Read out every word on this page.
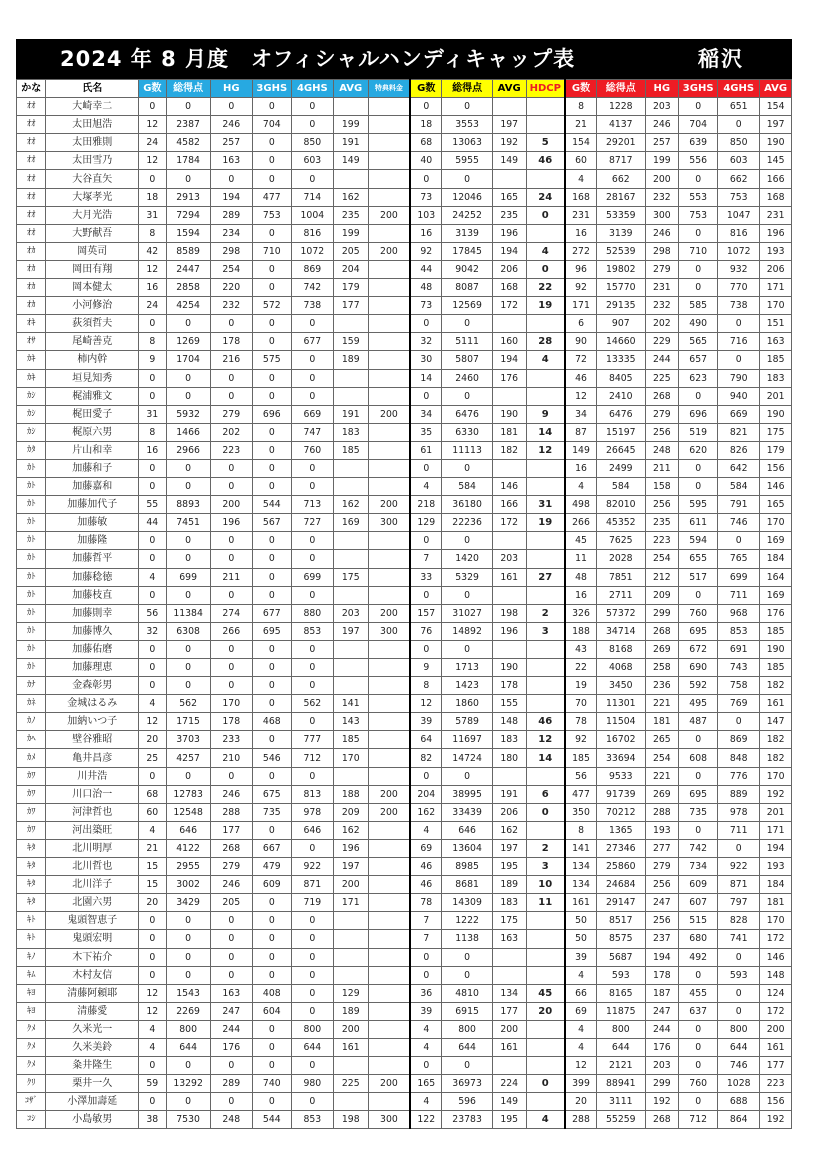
2024 年 8 月度　オフィシャルハンディキャップ表	稲沢
かな	氏名	G数	総得点	HG	3GHS	4GHS	AVG	特典料金	G数	総得点	AVG	HDCP	G数	総得点	HG	3GHS	4GHS	AVG
ｵｵ	大崎幸二	0	0	0	0	0			0	0			8	1228	203	0	651	154
ｵｵ	太田旭浩	12	2387	246	704	0	199		18	3553	197		21	4137	246	704	0	197
ｵｵ	太田雅則	24	4582	257	0	850	191		68	13063	192	5	154	29201	257	639	850	190
ｵｵ	太田雪乃	12	1784	163	0	603	149		40	5955	149	46	60	8717	199	556	603	145
ｵｵ	大谷直矢	0	0	0	0	0			0	0			4	662	200	0	662	166
ｵｵ	大塚孝光	18	2913	194	477	714	162		73	12046	165	24	168	28167	232	553	753	168
ｵｵ	大月光浩	31	7294	289	753	1004	235	200	103	24252	235	0	231	53359	300	753	1047	231
ｵｵ	大野献吾	8	1594	234	0	816	199		16	3139	196		16	3139	246	0	816	196
ｵｶ	岡英司	42	8589	298	710	1072	205	200	92	17845	194	4	272	52539	298	710	1072	193
ｵｶ	岡田有翔	12	2447	254	0	869	204		44	9042	206	0	96	19802	279	0	932	206
ｵｶ	岡本健太	16	2858	220	0	742	179		48	8087	168	22	92	15770	231	0	770	171
ｵｶ	小河修治	24	4254	232	572	738	177		73	12569	172	19	171	29135	232	585	738	170
ｵｷ	荻須哲夫	0	0	0	0	0			0	0			6	907	202	490	0	151
ｵｻ	尾崎善克	8	1269	178	0	677	159		32	5111	160	28	90	14660	229	565	716	163
ｶｷ	柿内幹	9	1704	216	575	0	189		30	5807	194	4	72	13335	244	657	0	185
ｶｷ	垣見知秀	0	0	0	0	0			14	2460	176		46	8405	225	623	790	183
ｶｼ	梶浦雅文	0	0	0	0	0			0	0			12	2410	268	0	940	201
ｶｼ	梶田愛子	31	5932	279	696	669	191	200	34	6476	190	9	34	6476	279	696	669	190
ｶｼ	梶原六男	8	1466	202	0	747	183		35	6330	181	14	87	15197	256	519	821	175
ｶﾀ	片山和幸	16	2966	223	0	760	185		61	11113	182	12	149	26645	248	620	826	179
ｶﾄ	加藤和子	0	0	0	0	0			0	0			16	2499	211	0	642	156
ｶﾄ	加藤嘉和	0	0	0	0	0			4	584	146		4	584	158	0	584	146
ｶﾄ	加藤加代子	55	8893	200	544	713	162	200	218	36180	166	31	498	82010	256	595	791	165
ｶﾄ	加藤敏	44	7451	196	567	727	169	300	129	22236	172	19	266	45352	235	611	746	170
ｶﾄ	加藤隆	0	0	0	0	0			0	0			45	7625	223	594	0	169
ｶﾄ	加藤哲平	0	0	0	0	0			7	1420	203		11	2028	254	655	765	184
ｶﾄ	加藤稔徳	4	699	211	0	699	175		33	5329	161	27	48	7851	212	517	699	164
ｶﾄ	加藤枝直	0	0	0	0	0			0	0			16	2711	209	0	711	169
ｶﾄ	加藤則幸	56	11384	274	677	880	203	200	157	31027	198	2	326	57372	299	760	968	176
ｶﾄ	加藤博久	32	6308	266	695	853	197	300	76	14892	196	3	188	34714	268	695	853	185
ｶﾄ	加藤佑磨	0	0	0	0	0			0	0			43	8168	269	672	691	190
ｶﾄ	加藤理恵	0	0	0	0	0			9	1713	190		22	4068	258	690	743	185
ｶﾅ	金森彰男	0	0	0	0	0			8	1423	178		19	3450	236	592	758	182
ｶﾈ	金城はるみ	4	562	170	0	562	141		12	1860	155		70	11301	221	495	769	161
ｶﾉ	加納いつ子	12	1715	178	468	0	143		39	5789	148	46	78	11504	181	487	0	147
ｶﾍ	壁谷雅昭	20	3703	233	0	777	185		64	11697	183	12	92	16702	265	0	869	182
ｶﾒ	亀井昌彦	25	4257	210	546	712	170		82	14724	180	14	185	33694	254	608	848	182
ｶﾜ	川井浩	0	0	0	0	0			0	0			56	9533	221	0	776	170
ｶﾜ	川口治一	68	12783	246	675	813	188	200	204	38995	191	6	477	91739	269	695	889	192
ｶﾜ	河津哲也	60	12548	288	735	978	209	200	162	33439	206	0	350	70212	288	735	978	201
ｶﾜ	河出築旺	4	646	177	0	646	162		4	646	162		8	1365	193	0	711	171
ｷﾀ	北川明厚	21	4122	268	667	0	196		69	13604	197	2	141	27346	277	742	0	194
ｷﾀ	北川哲也	15	2955	279	479	922	197		46	8985	195	3	134	25860	279	734	922	193
ｷﾀ	北川洋子	15	3002	246	609	871	200		46	8681	189	10	134	24684	256	609	871	184
ｷﾀ	北園六男	20	3429	205	0	719	171		78	14309	183	11	161	29147	247	607	797	181
ｷﾄ	鬼頭智恵子	0	0	0	0	0			7	1222	175		50	8517	256	515	828	170
ｷﾄ	鬼頭宏明	0	0	0	0	0			7	1138	163		50	8575	237	680	741	172
ｷﾉ	木下祐介	0	0	0	0	0			0	0			39	5687	194	492	0	146
ｷﾑ	木村友信	0	0	0	0	0			0	0			4	593	178	0	593	148
ｷﾖ	清藤阿頼耶	12	1543	163	408	0	129		36	4810	134	45	66	8165	187	455	0	124
ｷﾖ	清藤愛	12	2269	247	604	0	189		39	6915	177	20	69	11875	247	637	0	172
ｸﾒ	久米光一	4	800	244	0	800	200		4	800	200		4	800	244	0	800	200
ｸﾒ	久米美鈴	4	644	176	0	644	161		4	644	161		4	644	176	0	644	161
ｸﾒ	粂井隆生	0	0	0	0	0			0	0			12	2121	203	0	746	177
ｸﾘ	栗井一久	59	13292	289	740	980	225	200	165	36973	224	0	399	88941	299	760	1028	223
ｺｻﾞ	小澤加壽延	0	0	0	0	0			4	596	149		20	3111	192	0	688	156
ｺｼ	小島敏男	38	7530	248	544	853	198	300	122	23783	195	4	288	55259	268	712	864	192
